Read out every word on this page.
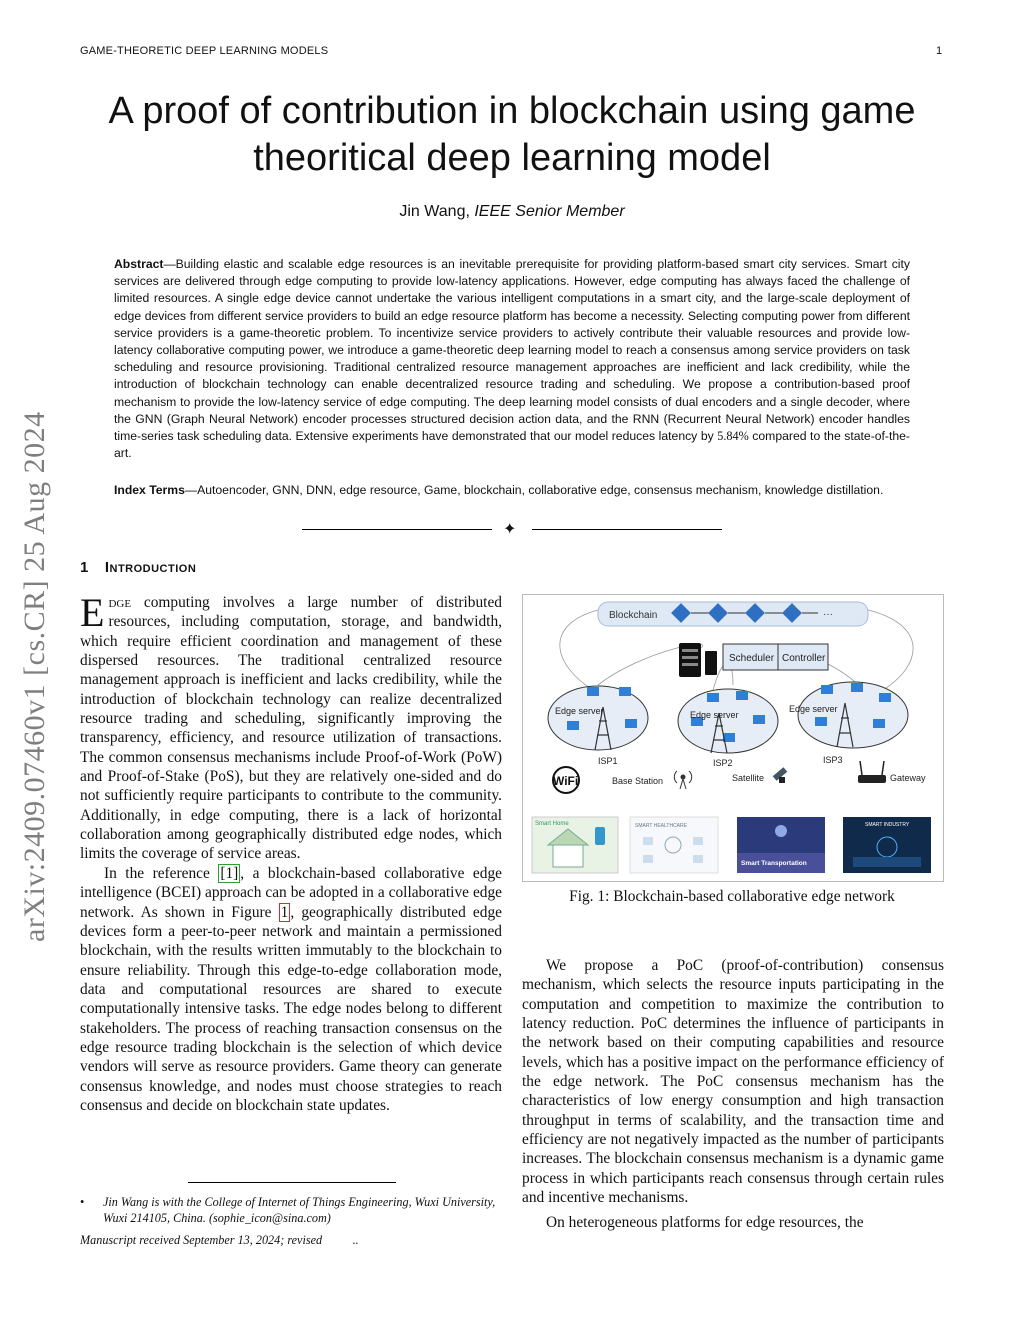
GAME-THEORETIC DEEP LEARNING MODELS	1
A proof of contribution in blockchain using game
theoritical deep learning model
Jin Wang, IEEE Senior Member
Abstract—Building elastic and scalable edge resources is an inevitable prerequisite for providing platform-based smart city services. Smart city services are delivered through edge computing to provide low-latency applications. However, edge computing has always faced the challenge of limited resources. A single edge device cannot undertake the various intelligent computations in a smart city, and the large-scale deployment of edge devices from different service providers to build an edge resource platform has become a necessity. Selecting computing power from different service providers is a game-theoretic problem. To incentivize service providers to actively contribute their valuable resources and provide low-latency collaborative computing power, we introduce a game-theoretic deep learning model to reach a consensus among service providers on task scheduling and resource provisioning. Traditional centralized resource management approaches are inefficient and lack credibility, while the introduction of blockchain technology can enable decentralized resource trading and scheduling. We propose a contribution-based proof mechanism to provide the low-latency service of edge computing. The deep learning model consists of dual encoders and a single decoder, where the GNN (Graph Neural Network) encoder processes structured decision action data, and the RNN (Recurrent Neural Network) encoder handles time-series task scheduling data. Extensive experiments have demonstrated that our model reduces latency by 5.84% compared to the state-of-the-art.
Index Terms—Autoencoder, GNN, DNN, edge resource, Game, blockchain, collaborative edge, consensus mechanism, knowledge distillation.
✦
1 Introduction

Edge computing involves a large number of distributed resources, including computation, storage, and bandwidth, which require efficient coordination and management of these dispersed resources. The traditional centralized resource management approach is inefficient and lacks credibility, while the introduction of blockchain technology can realize decentralized resource trading and scheduling, significantly improving the transparency, efficiency, and resource utilization of transactions. The common consensus mechanisms include Proof-of-Work (PoW) and Proof-of-Stake (PoS), but they are relatively one-sided and do not sufficiently require participants to contribute to the community. Additionally, in edge computing, there is a lack of horizontal collaboration among geographically distributed edge nodes, which limits the coverage of service areas.

In the reference [1] , a blockchain-based collaborative edge intelligence (BCEI) approach can be adopted in a collaborative edge network. As shown in Figure 1 , geographically distributed edge devices form a peer-to-peer network and maintain a permissioned blockchain, with the results written immutably to the blockchain to ensure reliability. Through this edge-to-edge collaboration mode, data and computational resources are shared to execute computationally intensive tasks. The edge nodes belong to different stakeholders. The process of reaching transaction consensus on the edge resource trading blockchain is the selection of which device vendors will serve as resource providers. Game theory can generate consensus knowledge, and nodes must choose strategies to reach consensus and decide on blockchain state updates.

• Jin Wang is with the College of Internet of Things Engineering, Wuxi University, Wuxi 214105, China. (sophie_icon@sina.com)
Manuscript received September 13, 2024; revised          ..
Blockchain	···
Scheduler Controller
Edge server	Edge server
Edge server
ISP1	ISP2	ISP3
WiFi	Base Station	Satellite	Gateway
Smart Home	SMART HEALTHCARE
Smart Transportation
SMART INDUSTRY
Fig. 1: Blockchain-based collaborative edge network

We propose a PoC (proof-of-contribution) consensus mechanism, which selects the resource inputs participating in the computation and competition to maximize the contribution to latency reduction. PoC determines the influence of participants in the network based on their computing capabilities and resource levels, which has a positive impact on the performance efficiency of the edge network. The PoC consensus mechanism has the characteristics of low energy consumption and high transaction throughput in terms of scalability, and the transaction time and efficiency are not negatively impacted as the number of participants increases. The blockchain consensus mechanism is a dynamic game process in which participants reach consensus through certain rules and incentive mechanisms.

On heterogeneous platforms for edge resources, the

arXiv:2409.07460v1 [cs.CR] 25 Aug 2024
